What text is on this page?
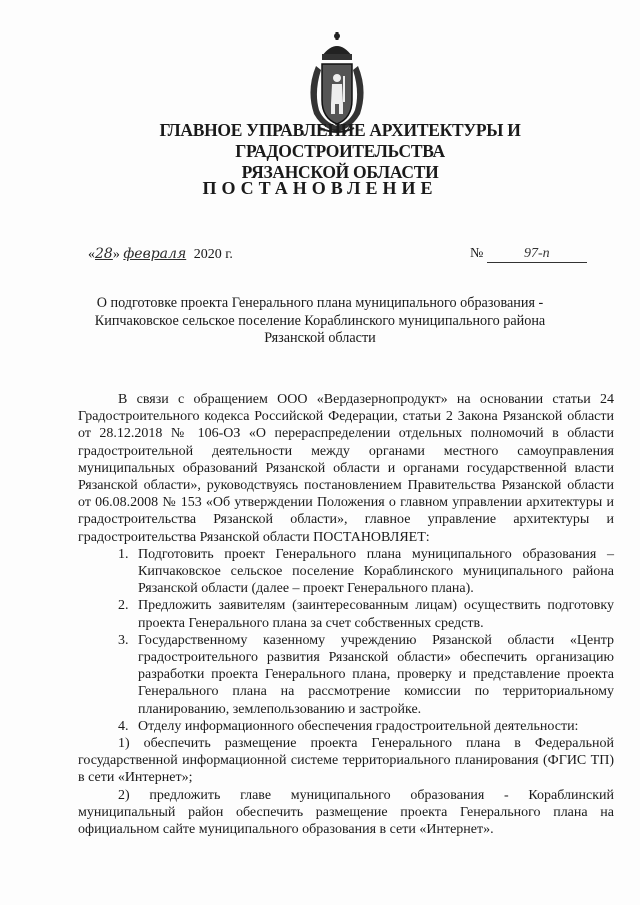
ГЛАВНОЕ УПРАВЛЕНИЕ АРХИТЕКТУРЫ И ГРАДОСТРОИТЕЛЬСТВА
РЯЗАНСКОЙ ОБЛАСТИ
ПОСТАНОВЛЕНИЕ
«28» февраля 2020 г.	№	97-п
О подготовке проекта Генерального плана муниципального образования -
Кипчаковское сельское поселение Кораблинского муниципального района
Рязанской области

В связи с обращением ООО «Вердазернопродукт» на основании статьи 24 Градостроительного кодекса Российской Федерации, статьи 2 Закона Рязанской области от 28.12.2018 № 106-ОЗ «О перераспределении отдельных полномочий в области градостроительной деятельности между органами местного самоуправления муниципальных образований Рязанской области и органами государственной власти Рязанской области», руководствуясь постановлением Правительства Рязанской области от 06.08.2008 № 153 «Об утверждении Положения о главном управлении архитектуры и градостроительства Рязанской области», главное управление архитектуры и градостроительства Рязанской области ПОСТАНОВЛЯЕТ:

1. Подготовить проект Генерального плана муниципального образования – Кипчаковское сельское поселение Кораблинского муниципального района Рязанской области (далее – проект Генерального плана).

2. Предложить заявителям (заинтересованным лицам) осуществить подготовку проекта Генерального плана за счет собственных средств.

3. Государственному казенному учреждению Рязанской области «Центр градостроительного развития Рязанской области» обеспечить организацию разработки проекта Генерального плана, проверку и представление проекта Генерального плана на рассмотрение комиссии по территориальному планированию, землепользованию и застройке.

4. Отделу информационного обеспечения градостроительной деятельности:

1) обеспечить размещение проекта Генерального плана в Федеральной государственной информационной системе территориального планирования (ФГИС ТП) в сети «Интернет»;

2) предложить главе муниципального образования - Кораблинский муниципальный район обеспечить размещение проекта Генерального плана на официальном сайте муниципального образования в сети «Интернет».
